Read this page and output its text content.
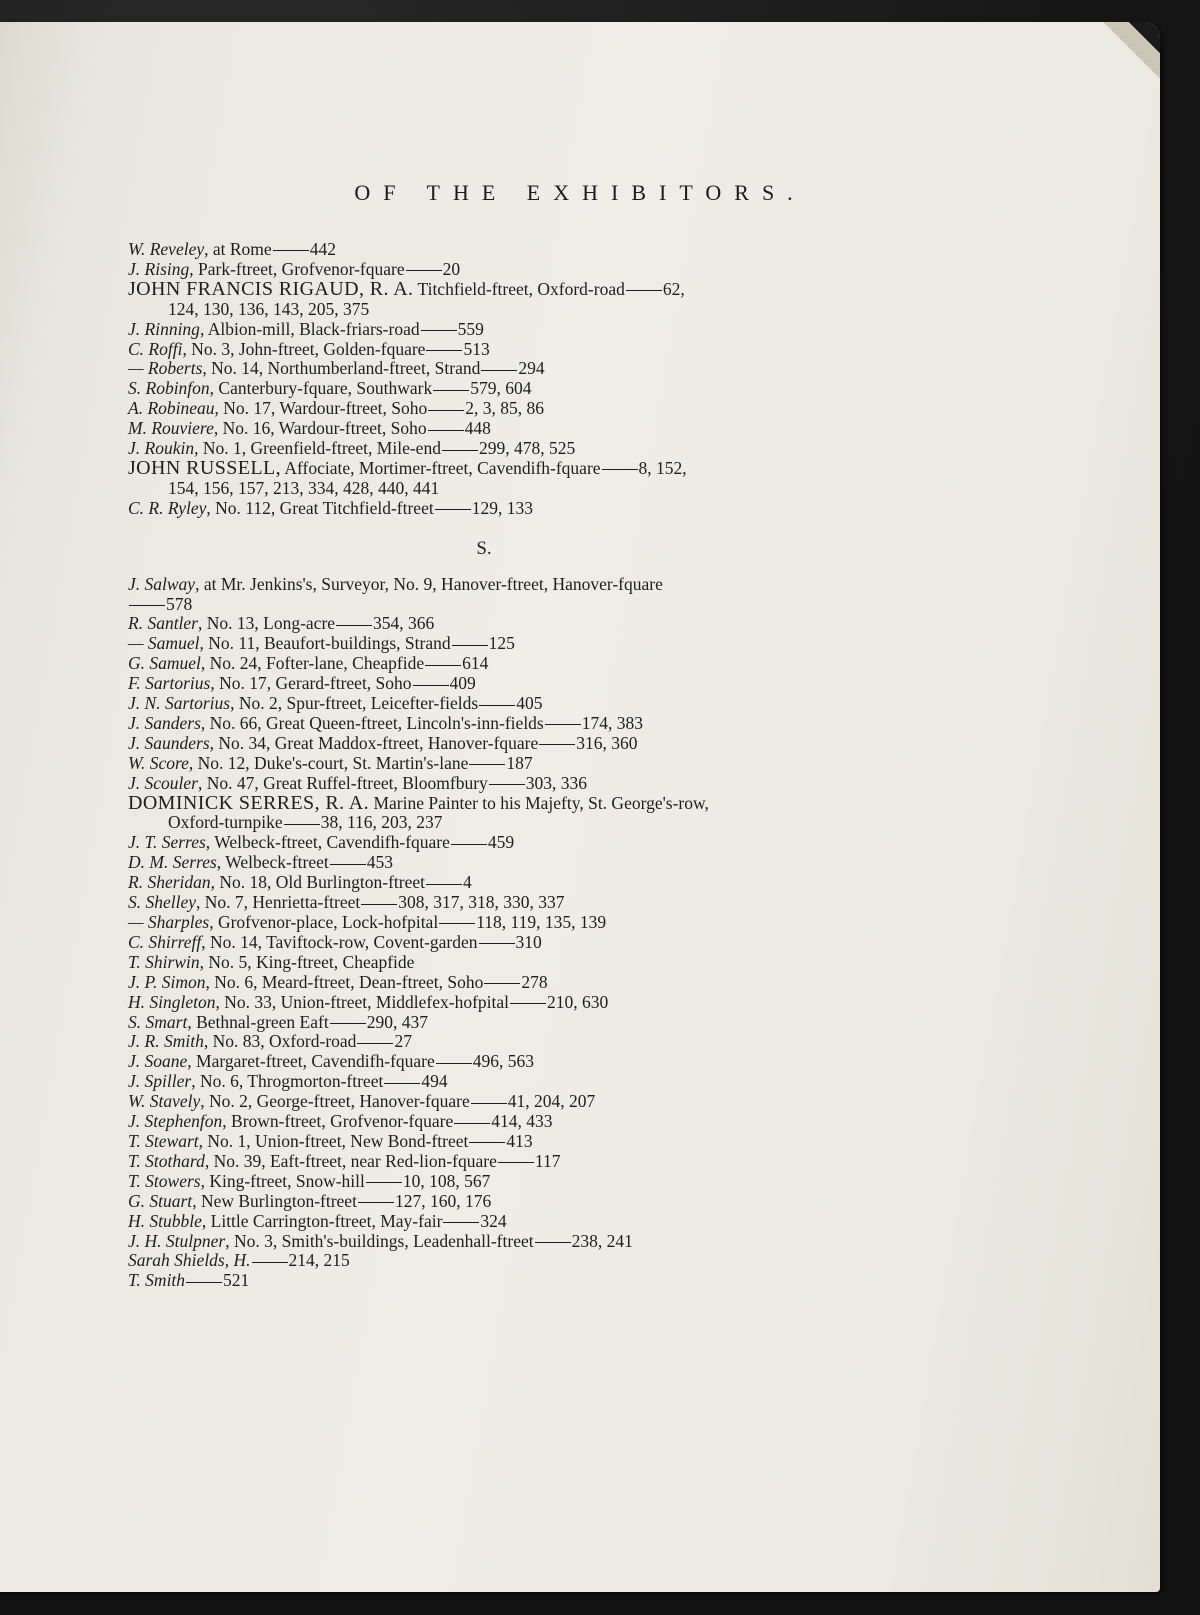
OF THE EXHIBITORS.
W. Reveley, at Rome 442
J. Rising, Park-ftreet, Grofvenor-fquare 20
JOHN FRANCIS RIGAUD, R. A. Titchfield-ftreet, Oxford-road 62,
124, 130, 136, 143, 205, 375
J. Rinning, Albion-mill, Black-friars-road 559
C. Roffi, No. 3, John-ftreet, Golden-fquare 513
— Roberts, No. 14, Northumberland-ftreet, Strand 294
S. Robinfon, Canterbury-fquare, Southwark 579, 604
A. Robineau, No. 17, Wardour-ftreet, Soho 2, 3, 85, 86
M. Rouviere, No. 16, Wardour-ftreet, Soho 448
J. Roukin, No. 1, Greenfield-ftreet, Mile-end 299, 478, 525
JOHN RUSSELL, Affociate, Mortimer-ftreet, Cavendifh-fquare 8, 152,
154, 156, 157, 213, 334, 428, 440, 441
C. R. Ryley, No. 112, Great Titchfield-ftreet 129, 133
S.
J. Salway, at Mr. Jenkins's, Surveyor, No. 9, Hanover-ftreet, Hanover-fquare
578
R. Santler, No. 13, Long-acre 354, 366
— Samuel, No. 11, Beaufort-buildings, Strand 125
G. Samuel, No. 24, Fofter-lane, Cheapfide 614
F. Sartorius, No. 17, Gerard-ftreet, Soho 409
J. N. Sartorius, No. 2, Spur-ftreet, Leicefter-fields 405
J. Sanders, No. 66, Great Queen-ftreet, Lincoln's-inn-fields 174, 383
J. Saunders, No. 34, Great Maddox-ftreet, Hanover-fquare 316, 360
W. Score, No. 12, Duke's-court, St. Martin's-lane 187
J. Scouler, No. 47, Great Ruffel-ftreet, Bloomfbury 303, 336
DOMINICK SERRES, R. A. Marine Painter to his Majefty, St. George's-row,
Oxford-turnpike 38, 116, 203, 237
J. T. Serres, Welbeck-ftreet, Cavendifh-fquare 459
D. M. Serres, Welbeck-ftreet 453
R. Sheridan, No. 18, Old Burlington-ftreet 4
S. Shelley, No. 7, Henrietta-ftreet 308, 317, 318, 330, 337
— Sharples, Grofvenor-place, Lock-hofpital 118, 119, 135, 139
C. Shirreff, No. 14, Taviftock-row, Covent-garden 310
T. Shirwin, No. 5, King-ftreet, Cheapfide
J. P. Simon, No. 6, Meard-ftreet, Dean-ftreet, Soho 278
H. Singleton, No. 33, Union-ftreet, Middlefex-hofpital 210, 630
S. Smart, Bethnal-green Eaft 290, 437
J. R. Smith, No. 83, Oxford-road 27
J. Soane, Margaret-ftreet, Cavendifh-fquare 496, 563
J. Spiller, No. 6, Throgmorton-ftreet 494
W. Stavely, No. 2, George-ftreet, Hanover-fquare 41, 204, 207
J. Stephenfon, Brown-ftreet, Grofvenor-fquare 414, 433
T. Stewart, No. 1, Union-ftreet, New Bond-ftreet 413
T. Stothard, No. 39, Eaft-ftreet, near Red-lion-fquare 117
T. Stowers, King-ftreet, Snow-hill 10, 108, 567
G. Stuart, New Burlington-ftreet 127, 160, 176
H. Stubble, Little Carrington-ftreet, May-fair 324
J. H. Stulpner, No. 3, Smith's-buildings, Leadenhall-ftreet 238, 241
Sarah Shields, H. 214, 215
T. Smith 521
